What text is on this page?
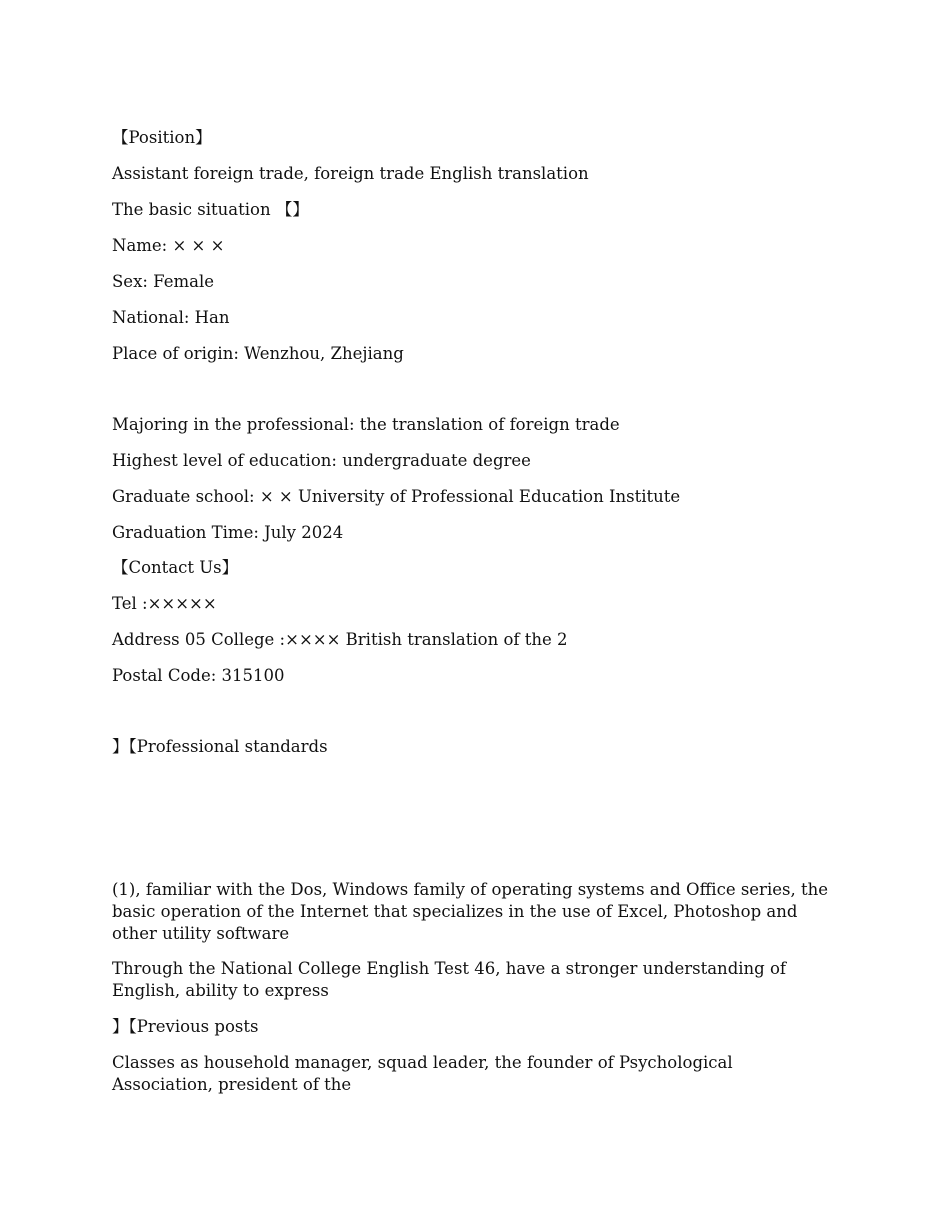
【Position】
Assistant foreign trade, foreign trade English translation
The basic situation 【】
Name: × × ×
Sex: Female
National: Han
Place of origin: Wenzhou, Zhejiang
Majoring in the professional: the translation of foreign trade
Highest level of education: undergraduate degree
Graduate school: × × University of Professional Education Institute
Graduation Time: July 2024
【Contact Us】
Tel :×××××
Address 05 College :×××× British translation of the 2
Postal Code: 315100
】【Professional standards
(1), familiar with the Dos, Windows family of operating systems and Office series, the basic operation of the Internet that specializes in the use of Excel, Photoshop and other utility software
Through the National College English Test 46, have a stronger understanding of English, ability to express
】【Previous posts
Classes as household manager, squad leader, the founder of Psychological Association, president of the
